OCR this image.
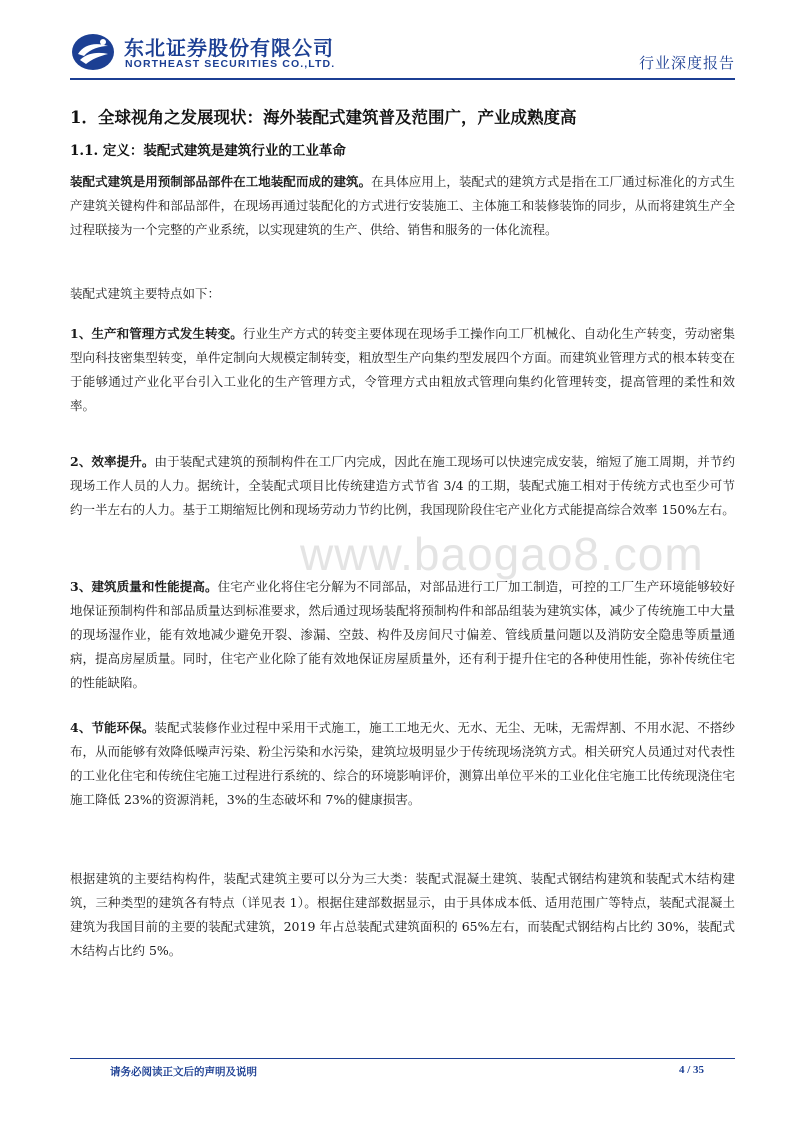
东北证券股份有限公司
NORTHEAST SECURITIES CO.,LTD.	行业深度报告
1．全球视角之发展现状：海外装配式建筑普及范围广，产业成熟度高
1.1. 定义：装配式建筑是建筑行业的工业革命
www.baogao8.com

装配式建筑是用预制部品部件在工地装配而成的建筑。在具体应用上，装配式的建筑方式是指在工厂通过标准化的方式生产建筑关键构件和部品部件，在现场再通过装配化的方式进行安装施工、主体施工和装修装饰的同步，从而将建筑生产全过程联接为一个完整的产业系统，以实现建筑的生产、供给、销售和服务的一体化流程。

装配式建筑主要特点如下：

1、生产和管理方式发生转变。行业生产方式的转变主要体现在现场手工操作向工厂机械化、自动化生产转变，劳动密集型向科技密集型转变，单件定制向大规模定制转变，粗放型生产向集约型发展四个方面。而建筑业管理方式的根本转变在于能够通过产业化平台引入工业化的生产管理方式，令管理方式由粗放式管理向集约化管理转变，提高管理的柔性和效率。

2、效率提升。由于装配式建筑的预制构件在工厂内完成，因此在施工现场可以快速完成安装，缩短了施工周期，并节约现场工作人员的人力。据统计，全装配式项目比传统建造方式节省 3/4 的工期，装配式施工相对于传统方式也至少可节约一半左右的人力。基于工期缩短比例和现场劳动力节约比例，我国现阶段住宅产业化方式能提高综合效率 150%左右。

3、建筑质量和性能提高。住宅产业化将住宅分解为不同部品，对部品进行工厂加工制造，可控的工厂生产环境能够较好地保证预制构件和部品质量达到标准要求，然后通过现场装配将预制构件和部品组装为建筑实体，减少了传统施工中大量的现场湿作业，能有效地减少避免开裂、渗漏、空鼓、构件及房间尺寸偏差、管线质量问题以及消防安全隐患等质量通病，提高房屋质量。同时，住宅产业化除了能有效地保证房屋质量外，还有利于提升住宅的各种使用性能，弥补传统住宅的性能缺陷。

4、节能环保。装配式装修作业过程中采用干式施工，施工工地无火、无水、无尘、无味，无需焊割、不用水泥、不搭纱布，从而能够有效降低噪声污染、粉尘污染和水污染，建筑垃圾明显少于传统现场浇筑方式。相关研究人员通过对代表性的工业化住宅和传统住宅施工过程进行系统的、综合的环境影响评价，测算出单位平米的工业化住宅施工比传统现浇住宅施工降低 23%的资源消耗，3%的生态破坏和 7%的健康损害。

根据建筑的主要结构构件，装配式建筑主要可以分为三大类：装配式混凝土建筑、装配式钢结构建筑和装配式木结构建筑，三种类型的建筑各有特点（详见表 1）。根据住建部数据显示，由于具体成本低、适用范围广等特点，装配式混凝土建筑为我国目前的主要的装配式建筑，2019 年占总装配式建筑面积的 65%左右，而装配式钢结构占比约 30%，装配式木结构占比约 5%。

请务必阅读正文后的声明及说明	4 / 35
